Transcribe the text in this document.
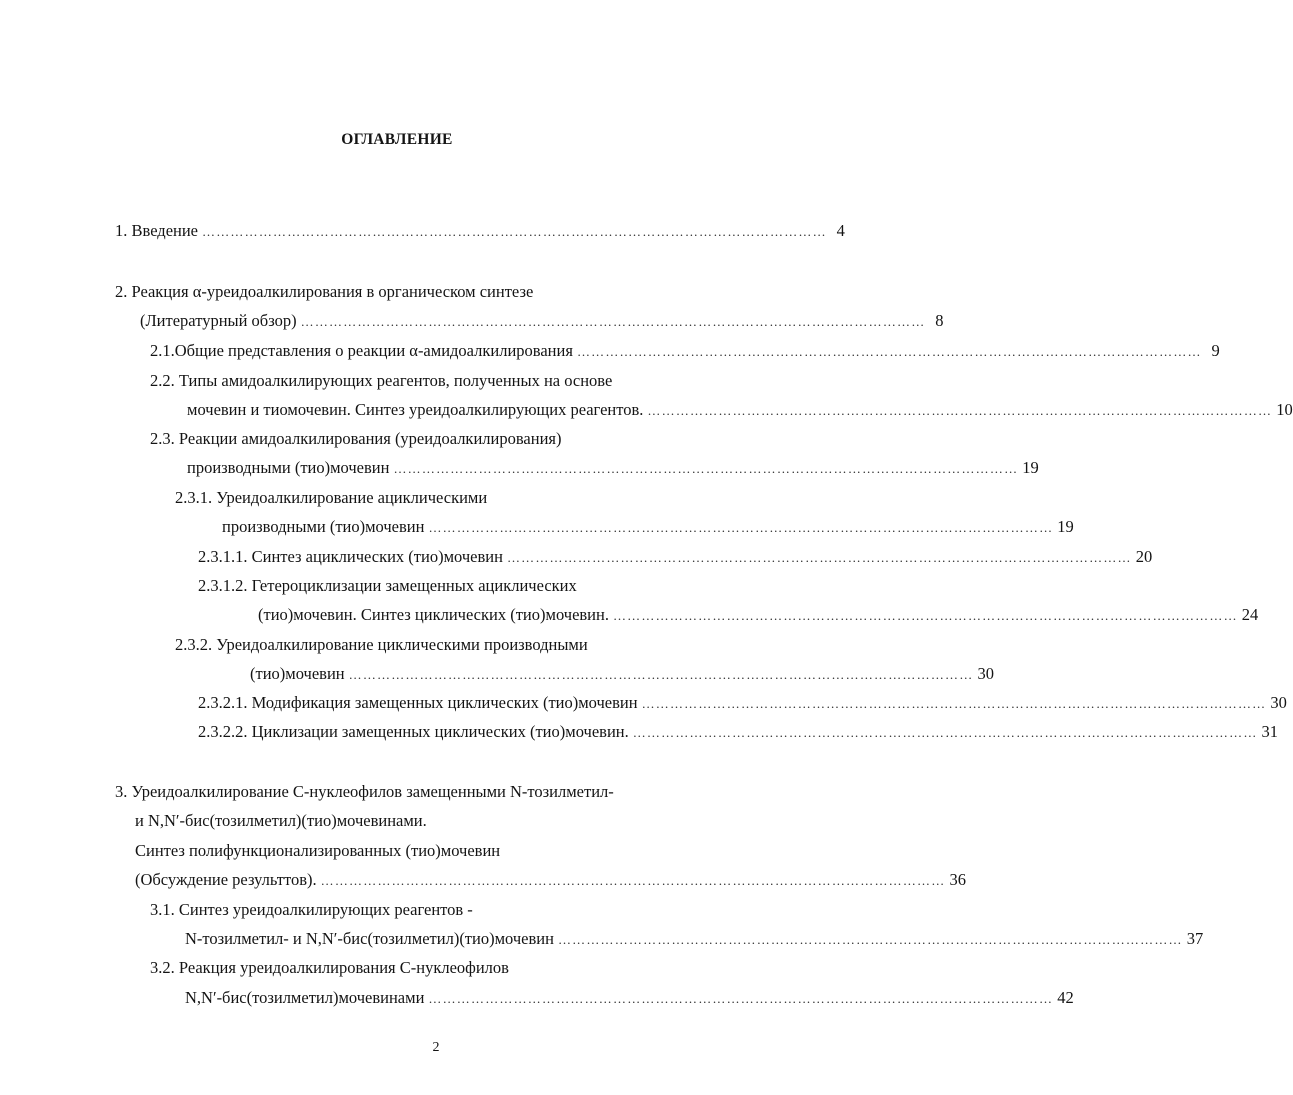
ОГЛАВЛЕНИЕ
1. Введение …………………………………………………………………………………………………………………… 4
2. Реакция α-уреидоалкилирования в органическом синтезе
(Литературный обзор) …………………………………………………………………………………………………………………… 8
2.1.Общие представления о реакции α-амидоалкилирования …………………………………………………………………………………………………………………… 9
2.2. Типы амидоалкилирующих реагентов, полученных на основе
мочевин и тиомочевин. Синтез уреидоалкилирующих реагентов. …………………………………………………………………………………………………………………… 10
2.3. Реакции амидоалкилирования (уреидоалкилирования)
производными (тио)мочевин …………………………………………………………………………………………………………………… 19
2.3.1. Уреидоалкилирование ациклическими
производными (тио)мочевин …………………………………………………………………………………………………………………… 19
2.3.1.1. Синтез ациклических (тио)мочевин …………………………………………………………………………………………………………………… 20
2.3.1.2. Гетероциклизации замещенных ациклических
(тио)мочевин. Синтез циклических (тио)мочевин. …………………………………………………………………………………………………………………… 24
2.3.2. Уреидоалкилирование циклическими производными
(тио)мочевин …………………………………………………………………………………………………………………… 30
2.3.2.1. Модификация замещенных циклических (тио)мочевин …………………………………………………………………………………………………………………… 30
2.3.2.2. Циклизации замещенных циклических (тио)мочевин. …………………………………………………………………………………………………………………… 31
3. Уреидоалкилирование С-нуклеофилов замещенными N-тозилметил-
и N,N′-бис(тозилметил)(тио)мочевинами.
Синтез полифункционализированных (тио)мочевин
(Обсуждение результтов). …………………………………………………………………………………………………………………… 36
3.1. Синтез уреидоалкилирующих реагентов -
N-тозилметил- и N,N′-бис(тозилметил)(тио)мочевин …………………………………………………………………………………………………………………… 37
3.2. Реакция уреидоалкилирования С-нуклеофилов
N,N′-бис(тозилметил)мочевинами …………………………………………………………………………………………………………………… 42
2
